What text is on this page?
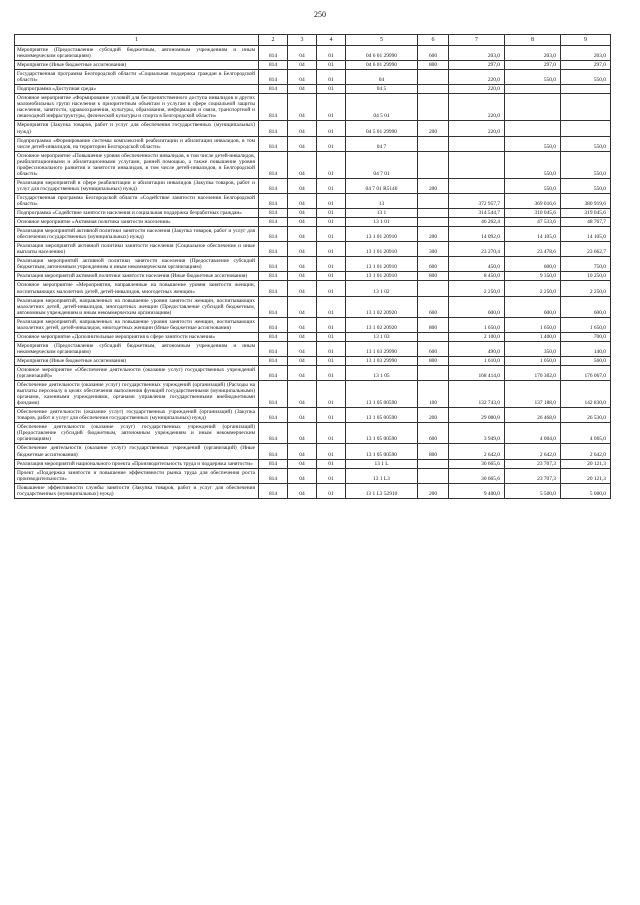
250
1	2	3	4	5	6	7	8	9
Мероприятие (Предоставление субсидий бюджетным, автономным учреждениям и иным некоммерческим организациям)	814	04	01	04 6 01 29990	600	203,0	203,0	203,0
Мероприятие (Иные бюджетные ассигнования)	814	04	01	04 6 01 29990	800	297,0	297,0	297,0
Государственная программа Белгородской области «Социальная поддержка граждан в Белгородской области»	814	04	01	04		220,0	550,0	550,0
Подпрограмма «Доступная среда»	814	04	01	04 5		220,0		
Основное мероприятие «Формирование условий для беспрепятственного доступа инвалидов и других маломобильных групп населения к приоритетным объектам и услугам в сфере социальной защиты населения, занятости, здравоохранения, культуры, образования, информации и связи, транспортной и пешеходной инфраструктуры, физической культуры и спорта в Белгородской области»	814	04	01	04 5 01		220,0		
Мероприятия (Закупка товаров, работ и услуг для обеспечения государственных (муниципальных) нужд)	814	04	01	04 5 01 29990	200	220,0		
Подпрограмма «Формирование системы комплексной реабилитации и абилитации инвалидов, в том числе детей-инвалидов, на территории Белгородской области»	814	04	01	04 7			550,0	550,0
Основное мероприятие «Повышение уровня обеспеченности инвалидов, в том числе детей-инвалидов, реабилитационными и абилитационными услугами, ранней помощью, а также повышение уровня профессионального развития и занятости инвалидов, в том числе детей-инвалидов, в Белгородской области»	814	04	01	04 7 01			550,0	550,0
Реализация мероприятий в сфере реабилитации и абилитации инвалидов (Закупка товаров, работ и услуг для государственных (муниципальных) нужд)	814	04	01	04 7 01 R5140	200		550,0	550,0
Государственная программа Белгородской области «Содействие занятости населения Белгородской области»	814	04	01	13		372 957,7	369 016,6	380 919,6
Подпрограмма «Содействие занятости населения и социальная поддержка безработных граждан»	814	04	01	13 1		314 544,7	310 045,6	319 045,6
Основное мероприятие «Активная политика занятости населения»	814	04	01	13 1 01		46 262,4	47 533,6	48 767,7
Реализация мероприятий активной политики занятости населения (Закупка товаров, работ и услуг для обеспечения государственных (муниципальных) нужд)	814	04	01	13 1 01 20910	200	14 092,0	14 105,0	14 105,0
Реализация мероприятий активной политики занятости населения (Социальное обеспечение и иные выплаты населению)	814	04	01	13 1 01 20910	300	23 270,4	23 478,6	23 662,7
Реализация мероприятий активной политики занятости населения (Предоставление субсидий бюджетным, автономным учреждениям и иным некоммерческим организациям)	814	04	01	13 1 01 20910	600	450,0	600,0	750,0
Реализация мероприятий активной политики занятости населения (Иные бюджетные ассигнования)	814	04	01	13 1 01 20910	800	8 450,0	9 350,0	10 250,0
Основное мероприятие «Мероприятия, направленные на повышение уровня занятости женщин, воспитывающих малолетних детей, детей-инвалидов, многодетных женщин»	814	04	01	13 1 02		2 250,0	2 250,0	2 250,0
Реализация мероприятий, направленных на повышение уровня занятости женщин, воспитывающих малолетних детей, детей-инвалидов, многодетных женщин (Предоставление субсидий бюджетным, автономным учреждениям и иным некоммерческим организациям)	814	04	01	13 1 02 20920	600	600,0	600,0	600,0
Реализация мероприятий, направленных на повышение уровня занятости женщин, воспитывающих малолетних детей, детей-инвалидов, многодетных женщин (Иные бюджетные ассигнования)	814	04	01	13 1 02 20920	800	1 650,0	1 650,0	1 650,0
Основное мероприятие «Дополнительные мероприятия в сфере занятости населения»	814	04	01	13 1 03		2 100,0	1 400,0	700,0
Мероприятия (Предоставление субсидий бюджетным, автономным учреждениям и иным некоммерческим организациям)	814	04	01	13 1 03 29990	600	490,0	350,0	140,0
Мероприятия (Иные бюджетные ассигнования)	814	04	01	13 1 03 29990	800	1 610,0	1 050,0	560,0
Основное мероприятие «Обеспечение деятельности (оказание услуг) государственных учреждений (организаций)»	814	04	01	13 1 05		168 414,0	170 302,0	176 067,0
Обеспечение деятельности (оказание услуг) государственных учреждений (организаций) (Расходы на выплаты персоналу в целях обеспечения выполнения функций государственными (муниципальными) органами, казенными учреждениями, органами управления государственными внебюджетными фондами)	814	04	01	13 1 05 00590	100	132 743,0	137 188,0	142 830,0
Обеспечение деятельности (оказание услуг) государственных учреждений (организаций) (Закупка товаров, работ и услуг для обеспечения государственных (муниципальных) нужд)	814	04	01	13 1 05 00590	200	29 080,0	26 468,0	26 530,0
Обеспечение деятельности (оказание услуг) государственных учреждений (организаций) (Предоставление субсидий бюджетным, автономным учреждениям и иным некоммерческим организациям)	814	04	01	13 1 05 00590	600	3 949,0	4 004,0	4 065,0
Обеспечение деятельности (оказание услуг) государственных учреждений (организаций) (Иные бюджетные ассигнования)	814	04	01	13 1 05 00590	800	2 642,0	2 642,0	2 642,0
Реализация мероприятий национального проекта «Производительность труда и поддержка занятости»	814	04	01	13 1 L		30 665,6	23 707,3	20 121,3
Проект «Поддержка занятости и повышение эффективности рынка труда для обеспечения роста производительности»	814	04	01	13 1 L3		30 665,6	23 707,3	20 121,3
Повышение эффективности службы занятости (Закупка товаров, работ и услуг для обеспечения государственных (муниципальных) нужд)	814	04	01	13 1 L3 52910	200	9 400,0	5 500,0	5 000,0
